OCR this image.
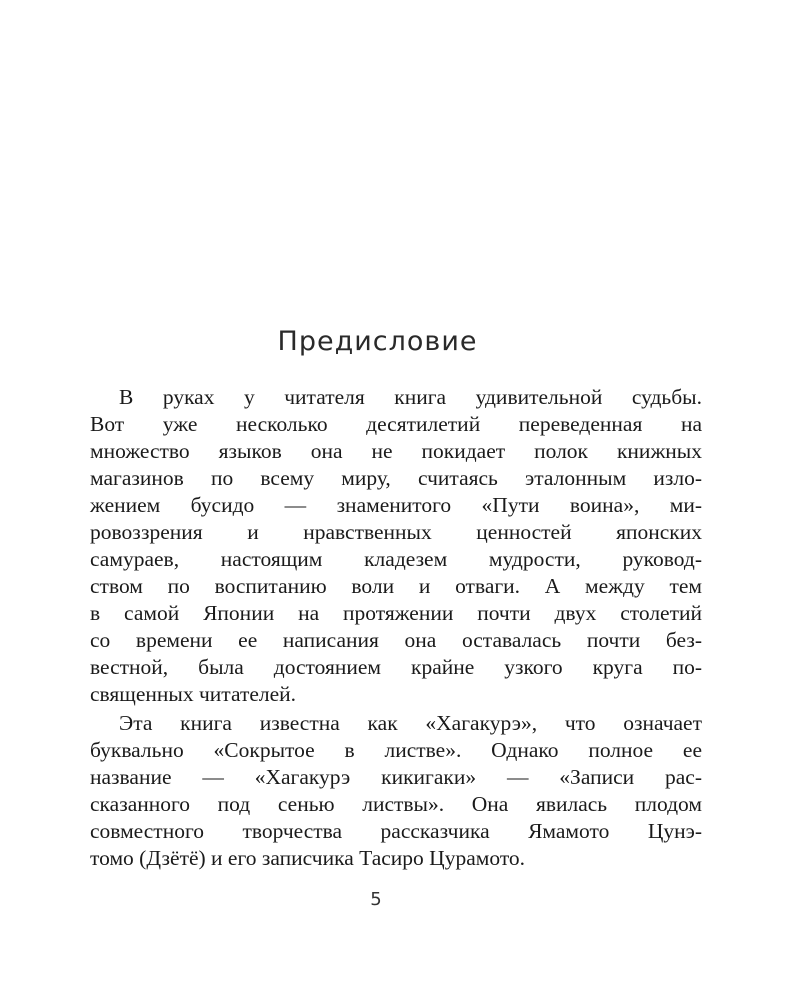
Предисловие
В руках у читателя книга удивительной судьбы.
Вот уже несколько десятилетий переведенная на
множество языков она не покидает полок книжных
магазинов по всему миру, считаясь эталонным изло-
жением бусидо — знаменитого «Пути воина», ми-
ровоззрения и нравственных ценностей японских
самураев, настоящим кладезем мудрости, руковод-
ством по воспитанию воли и отваги. А между тем
в самой Японии на протяжении почти двух столетий
со времени ее написания она оставалась почти без-
вестной, была достоянием крайне узкого круга по-
священных читателей.
Эта книга известна как «Хагакурэ», что означает
буквально «Сокрытое в листве». Однако полное ее
название — «Хагакурэ кикигаки» — «Записи рас-
сказанного под сенью листвы». Она явилась плодом
совместного творчества рассказчика Ямамото Цунэ-
томо (Дзётё) и его записчика Тасиро Цурамото.
5
